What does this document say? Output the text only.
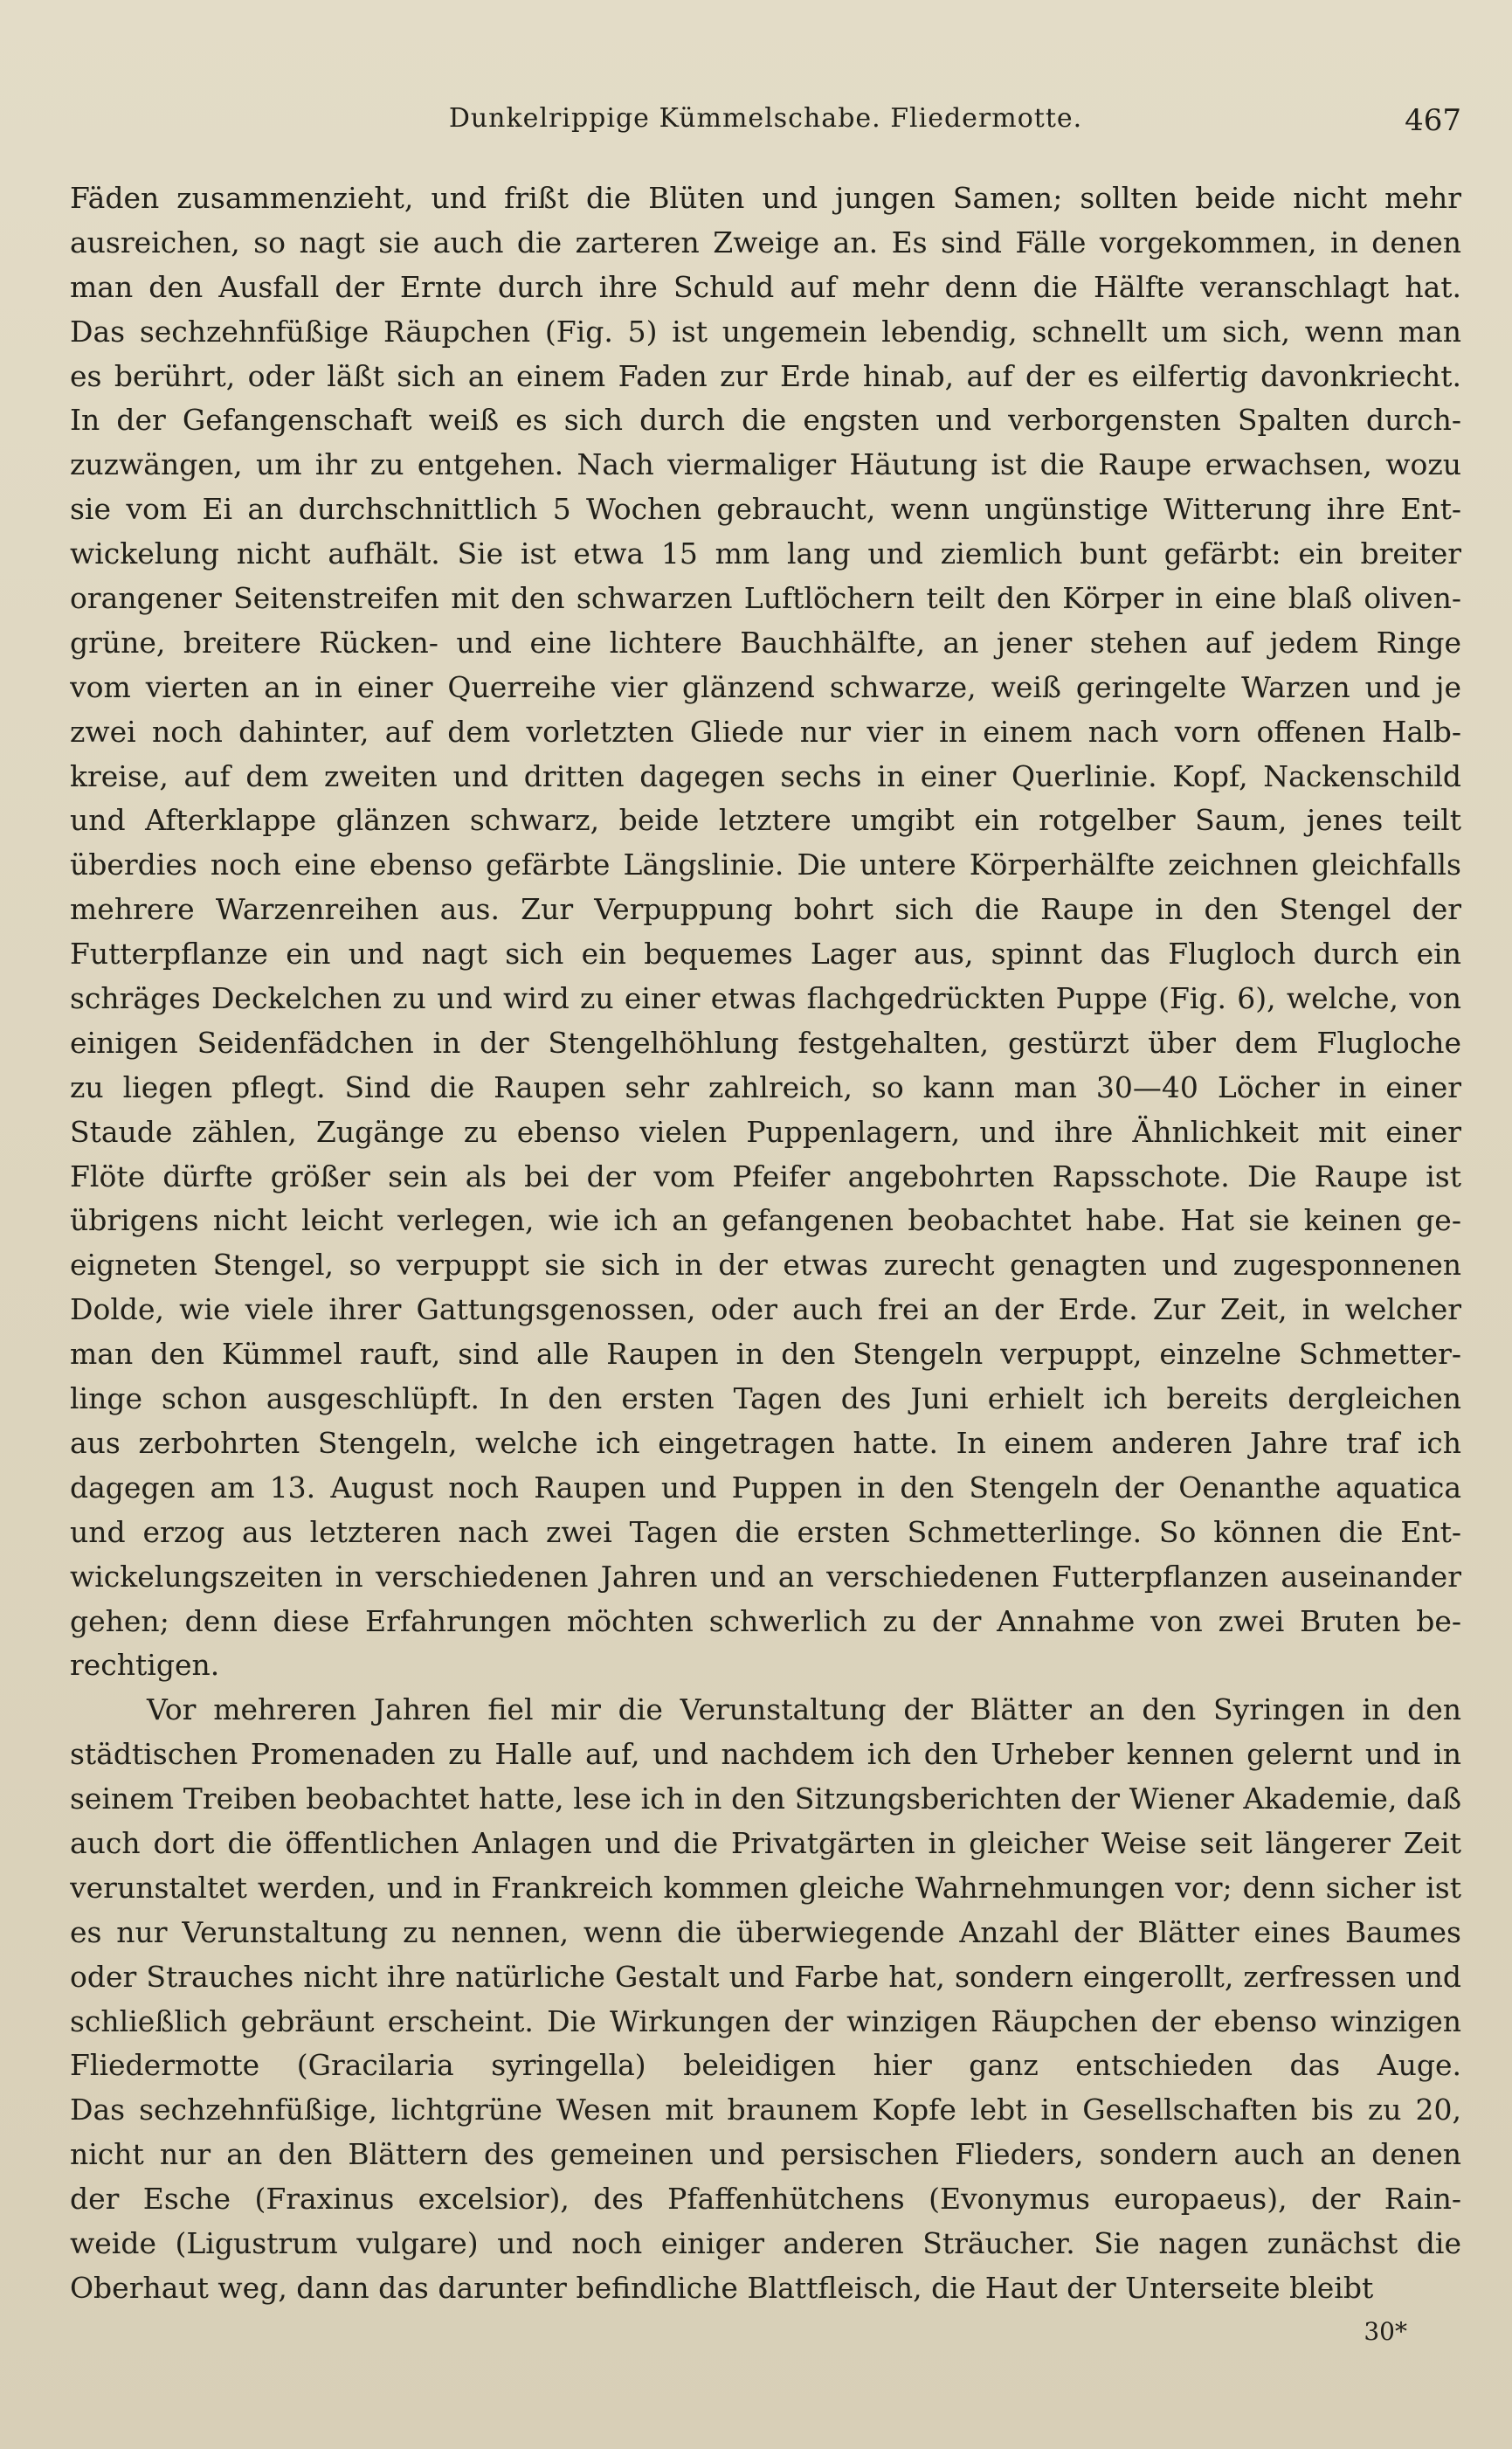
Dunkelrippige Kümmelschabe. Fliedermotte.	467
Fäden zusammenzieht, und frißt die Blüten und jungen Samen; sollten beide nicht mehr
ausreichen, so nagt sie auch die zarteren Zweige an. Es sind Fälle vorgekommen, in denen
man den Ausfall der Ernte durch ihre Schuld auf mehr denn die Hälfte veranschlagt hat.
Das sechzehnfüßige Räupchen (Fig. 5) ist ungemein lebendig, schnellt um sich, wenn man
es berührt, oder läßt sich an einem Faden zur Erde hinab, auf der es eilfertig davonkriecht.
In der Gefangenschaft weiß es sich durch die engsten und verborgensten Spalten durch-
zuzwängen, um ihr zu entgehen. Nach viermaliger Häutung ist die Raupe erwachsen, wozu
sie vom Ei an durchschnittlich 5 Wochen gebraucht, wenn ungünstige Witterung ihre Ent-
wickelung nicht aufhält. Sie ist etwa 15 mm lang und ziemlich bunt gefärbt: ein breiter
orangener Seitenstreifen mit den schwarzen Luftlöchern teilt den Körper in eine blaß oliven-
grüne, breitere Rücken- und eine lichtere Bauchhälfte, an jener stehen auf jedem Ringe
vom vierten an in einer Querreihe vier glänzend schwarze, weiß geringelte Warzen und je
zwei noch dahinter, auf dem vorletzten Gliede nur vier in einem nach vorn offenen Halb-
kreise, auf dem zweiten und dritten dagegen sechs in einer Querlinie. Kopf, Nackenschild
und Afterklappe glänzen schwarz, beide letztere umgibt ein rotgelber Saum, jenes teilt
überdies noch eine ebenso gefärbte Längslinie. Die untere Körperhälfte zeichnen gleichfalls
mehrere Warzenreihen aus. Zur Verpuppung bohrt sich die Raupe in den Stengel der
Futterpflanze ein und nagt sich ein bequemes Lager aus, spinnt das Flugloch durch ein
schräges Deckelchen zu und wird zu einer etwas flachgedrückten Puppe (Fig. 6), welche, von
einigen Seidenfädchen in der Stengelhöhlung festgehalten, gestürzt über dem Flugloche
zu liegen pflegt. Sind die Raupen sehr zahlreich, so kann man 30—40 Löcher in einer
Staude zählen, Zugänge zu ebenso vielen Puppenlagern, und ihre Ähnlichkeit mit einer
Flöte dürfte größer sein als bei der vom Pfeifer angebohrten Rapsschote. Die Raupe ist
übrigens nicht leicht verlegen, wie ich an gefangenen beobachtet habe. Hat sie keinen ge-
eigneten Stengel, so verpuppt sie sich in der etwas zurecht genagten und zugesponnenen
Dolde, wie viele ihrer Gattungsgenossen, oder auch frei an der Erde. Zur Zeit, in welcher
man den Kümmel rauft, sind alle Raupen in den Stengeln verpuppt, einzelne Schmetter-
linge schon ausgeschlüpft. In den ersten Tagen des Juni erhielt ich bereits dergleichen
aus zerbohrten Stengeln, welche ich eingetragen hatte. In einem anderen Jahre traf ich
dagegen am 13. August noch Raupen und Puppen in den Stengeln der Oenanthe aquatica
und erzog aus letzteren nach zwei Tagen die ersten Schmetterlinge. So können die Ent-
wickelungszeiten in verschiedenen Jahren und an verschiedenen Futterpflanzen auseinander
gehen; denn diese Erfahrungen möchten schwerlich zu der Annahme von zwei Bruten be-
rechtigen.
Vor mehreren Jahren fiel mir die Verunstaltung der Blätter an den Syringen in den
städtischen Promenaden zu Halle auf, und nachdem ich den Urheber kennen gelernt und in
seinem Treiben beobachtet hatte, lese ich in den Sitzungsberichten der Wiener Akademie, daß
auch dort die öffentlichen Anlagen und die Privatgärten in gleicher Weise seit längerer Zeit
verunstaltet werden, und in Frankreich kommen gleiche Wahrnehmungen vor; denn sicher ist
es nur Verunstaltung zu nennen, wenn die überwiegende Anzahl der Blätter eines Baumes
oder Strauches nicht ihre natürliche Gestalt und Farbe hat, sondern eingerollt, zerfressen und
schließlich gebräunt erscheint. Die Wirkungen der winzigen Räupchen der ebenso winzigen
Fliedermotte (Gracilaria syringella) beleidigen hier ganz entschieden das Auge.
Das sechzehnfüßige, lichtgrüne Wesen mit braunem Kopfe lebt in Gesellschaften bis zu 20,
nicht nur an den Blättern des gemeinen und persischen Flieders, sondern auch an denen
der Esche (Fraxinus excelsior), des Pfaffenhütchens (Evonymus europaeus), der Rain-
weide (Ligustrum vulgare) und noch einiger anderen Sträucher. Sie nagen zunächst die
Oberhaut weg, dann das darunter befindliche Blattfleisch, die Haut der Unterseite bleibt
30*
